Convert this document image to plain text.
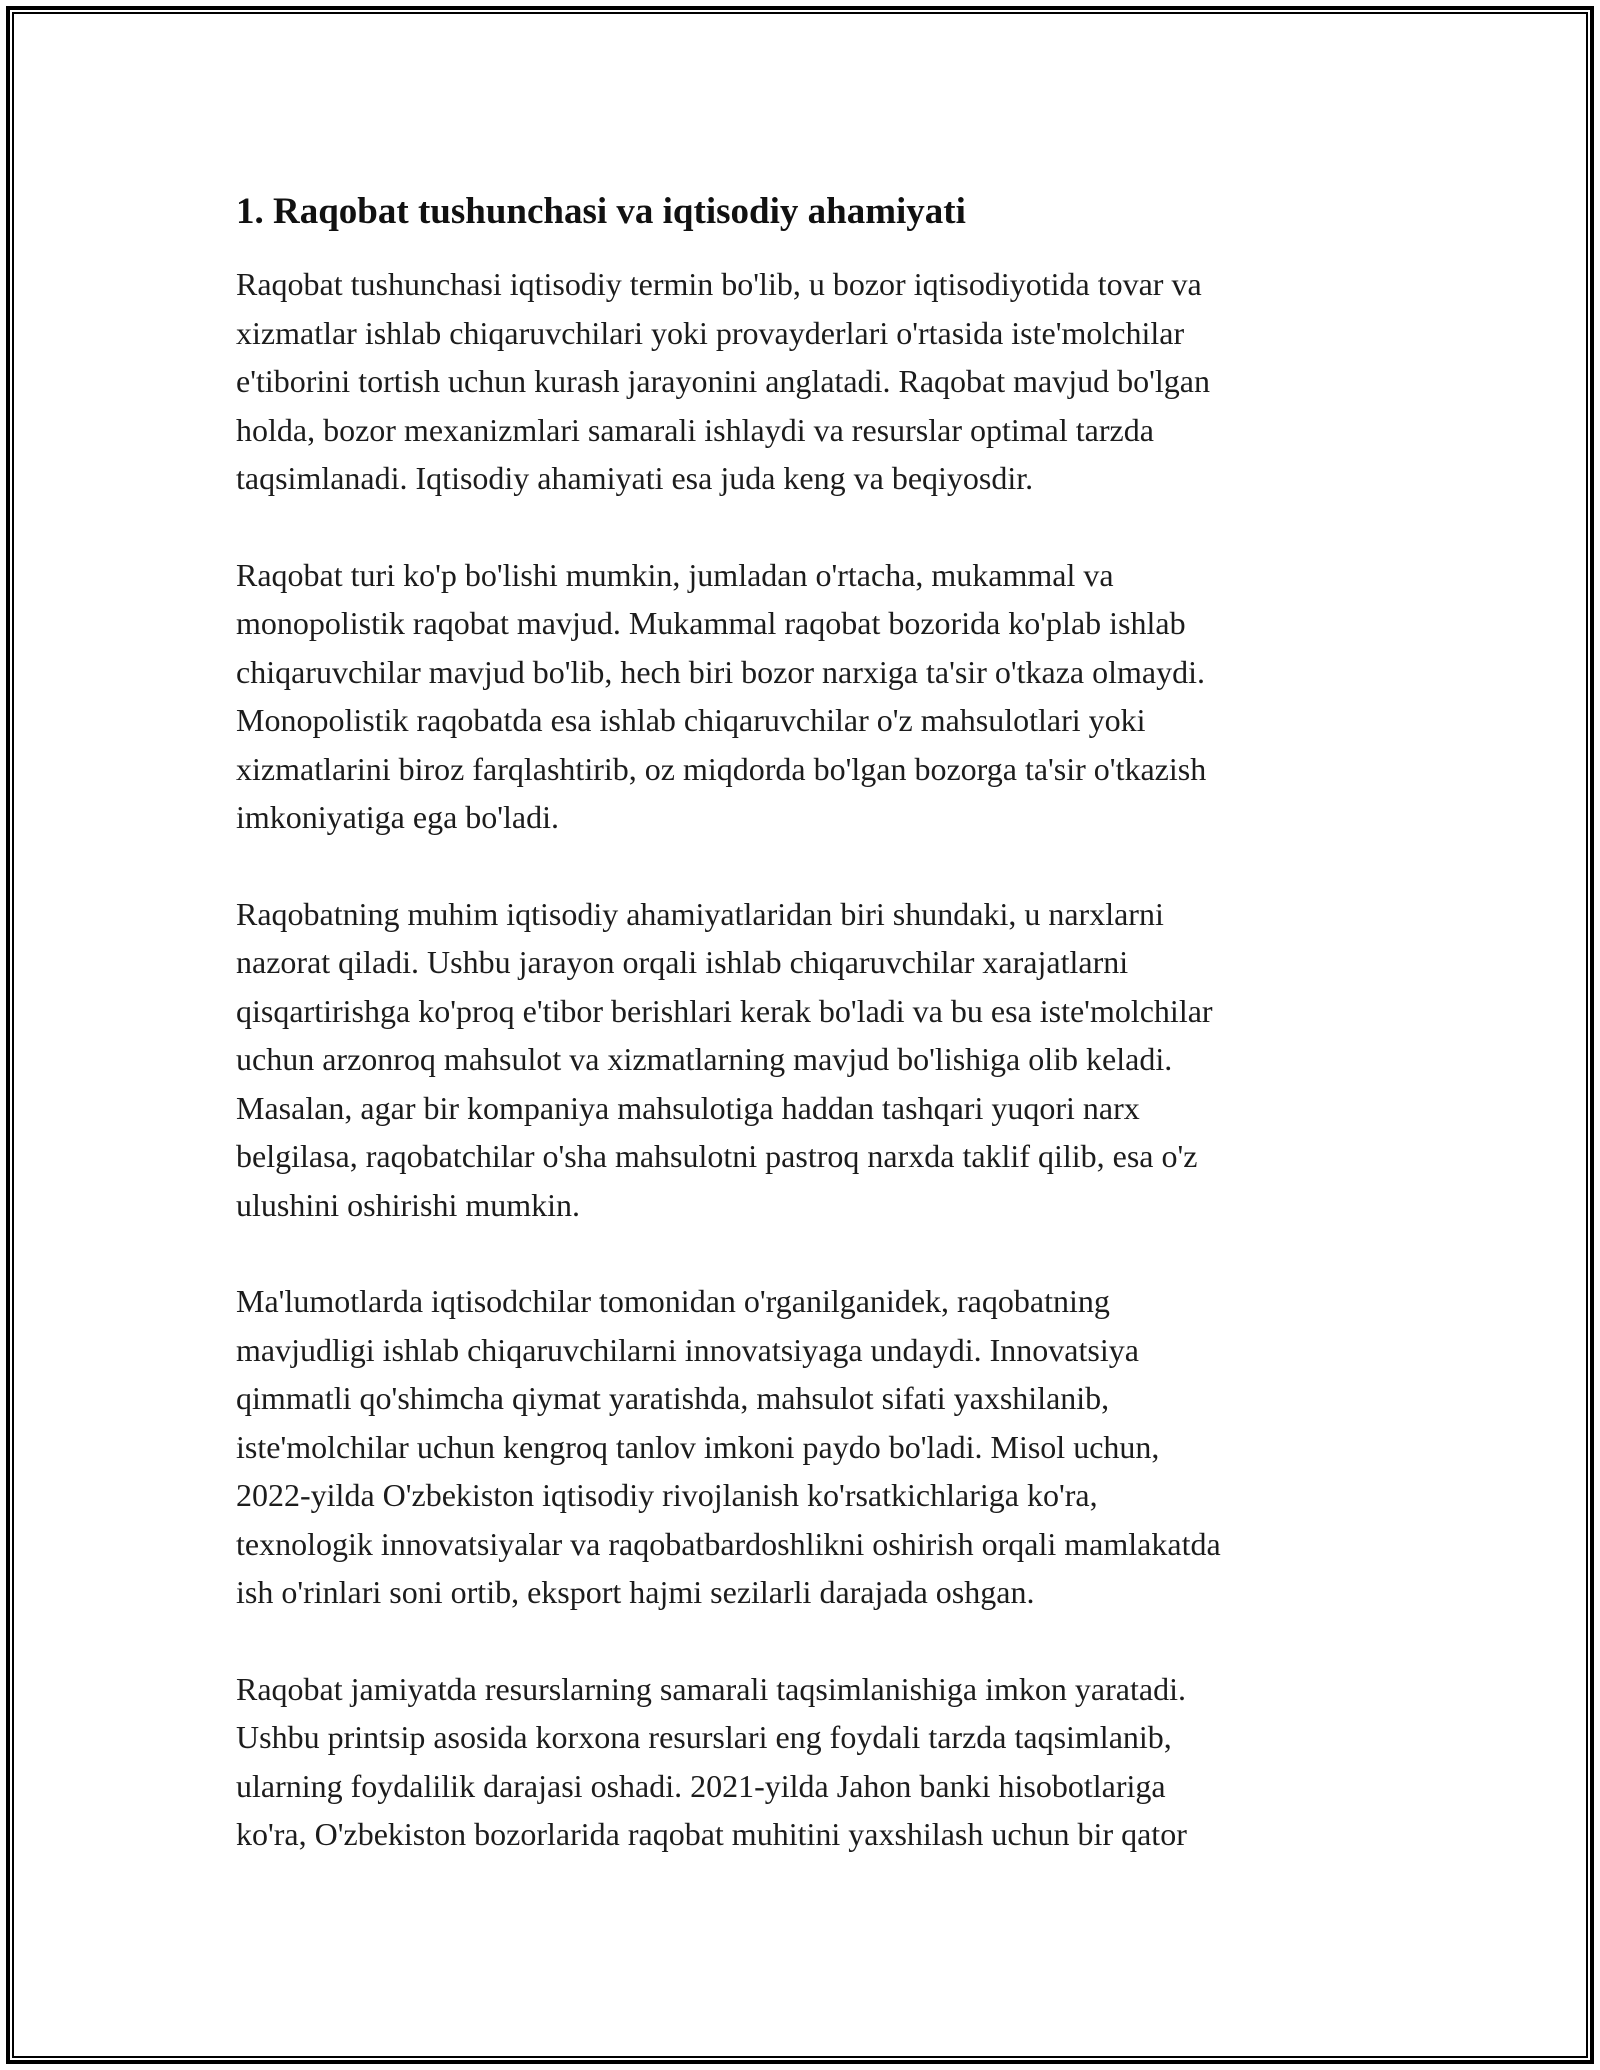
1. Raqobat tushunchasi va iqtisodiy ahamiyati

Raqobat tushunchasi iqtisodiy termin bo'lib, u bozor iqtisodiyotida tovar va
xizmatlar ishlab chiqaruvchilari yoki provayderlari o'rtasida iste'molchilar
e'tiborini tortish uchun kurash jarayonini anglatadi. Raqobat mavjud bo'lgan
holda, bozor mexanizmlari samarali ishlaydi va resurslar optimal tarzda
taqsimlanadi. Iqtisodiy ahamiyati esa juda keng va beqiyosdir.

Raqobat turi ko'p bo'lishi mumkin, jumladan o'rtacha, mukammal va
monopolistik raqobat mavjud. Mukammal raqobat bozorida ko'plab ishlab
chiqaruvchilar mavjud bo'lib, hech biri bozor narxiga ta'sir o'tkaza olmaydi.
Monopolistik raqobatda esa ishlab chiqaruvchilar o'z mahsulotlari yoki
xizmatlarini biroz farqlashtirib, oz miqdorda bo'lgan bozorga ta'sir o'tkazish
imkoniyatiga ega bo'ladi.

Raqobatning muhim iqtisodiy ahamiyatlaridan biri shundaki, u narxlarni
nazorat qiladi. Ushbu jarayon orqali ishlab chiqaruvchilar xarajatlarni
qisqartirishga ko'proq e'tibor berishlari kerak bo'ladi va bu esa iste'molchilar
uchun arzonroq mahsulot va xizmatlarning mavjud bo'lishiga olib keladi.
Masalan, agar bir kompaniya mahsulotiga haddan tashqari yuqori narx
belgilasa, raqobatchilar o'sha mahsulotni pastroq narxda taklif qilib, esa o'z
ulushini oshirishi mumkin.

Ma'lumotlarda iqtisodchilar tomonidan o'rganilganidek, raqobatning
mavjudligi ishlab chiqaruvchilarni innovatsiyaga undaydi. Innovatsiya
qimmatli qo'shimcha qiymat yaratishda, mahsulot sifati yaxshilanib,
iste'molchilar uchun kengroq tanlov imkoni paydo bo'ladi. Misol uchun,
2022-yilda O'zbekiston iqtisodiy rivojlanish ko'rsatkichlariga ko'ra,
texnologik innovatsiyalar va raqobatbardoshlikni oshirish orqali mamlakatda
ish o'rinlari soni ortib, eksport hajmi sezilarli darajada oshgan.

Raqobat jamiyatda resurslarning samarali taqsimlanishiga imkon yaratadi.
Ushbu printsip asosida korxona resurslari eng foydali tarzda taqsimlanib,
ularning foydalilik darajasi oshadi. 2021-yilda Jahon banki hisobotlariga
ko'ra, O'zbekiston bozorlarida raqobat muhitini yaxshilash uchun bir qator
